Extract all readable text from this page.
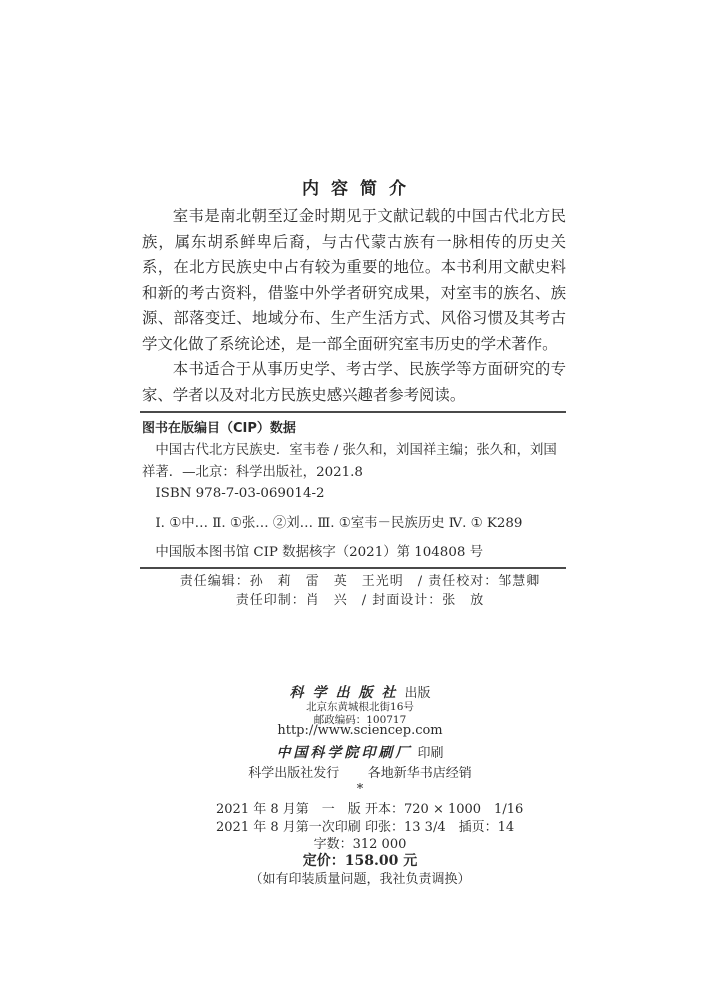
内容简介

室韦是南北朝至辽金时期见于文献记载的中国古代北方民族，属东胡系鲜卑后裔，与古代蒙古族有一脉相传的历史关系，在北方民族史中占有较为重要的地位。本书利用文献史料和新的考古资料，借鉴中外学者研究成果，对室韦的族名、族源、部落变迁、地域分布、生产生活方式、风俗习惯及其考古学文化做了系统论述，是一部全面研究室韦历史的学术著作。

本书适合于从事历史学、考古学、民族学等方面研究的专家、学者以及对北方民族史感兴趣者参考阅读。

图书在版编目（CIP）数据
中国古代北方民族史．室韦卷 / 张久和，刘国祥主编；张久和，刘国
祥著．—北京：科学出版社，2021.8
ISBN 978-7-03-069014-2
Ⅰ. ①中… Ⅱ. ①张… ②刘… Ⅲ. ①室韦－民族历史 Ⅳ. ① K289
中国版本图书馆 CIP 数据核字（2021）第 104808 号
责任编辑：孙　莉　雷　英　王光明　/ 责任校对：邹慧卿
责任印制：肖　兴　/ 封面设计：张　放
科学出版社出版
北京东黄城根北街16号
邮政编码：100717
http://www.sciencep.com
中国科学院印刷厂 印刷
科学出版社发行 各地新华书店经销
*
2021 年 8 月第　一　版 开本：720 × 1000　1/16
2021 年 8 月第一次印刷 印张：13 3/4　插页：14
字数：312 000
定价：158.00 元
（如有印装质量问题，我社负责调换）
